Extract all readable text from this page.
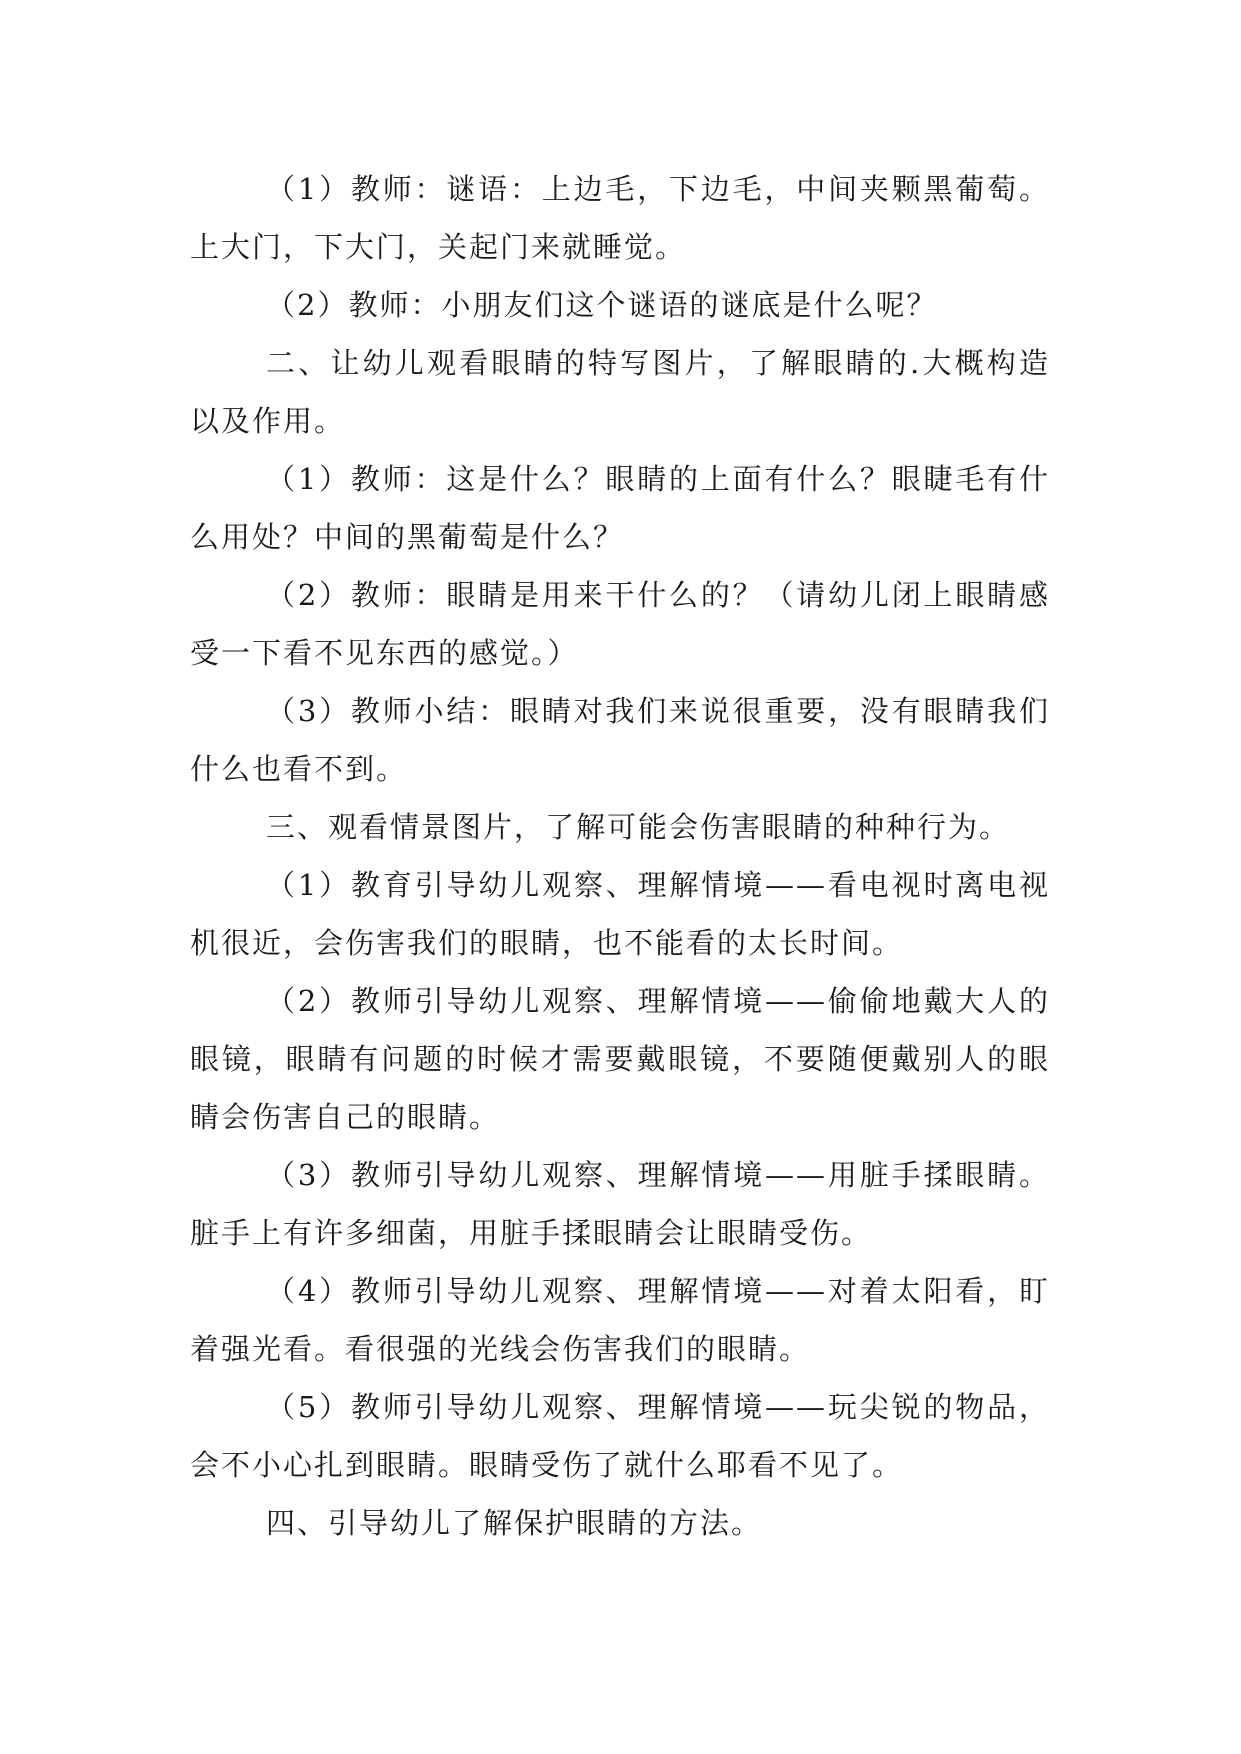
（1）教师：谜语：上边毛，下边毛，中间夹颗黑葡萄。上大门，下大门，关起门来就睡觉。

（2）教师：小朋友们这个谜语的谜底是什么呢？

二、让幼儿观看眼睛的特写图片，了解眼睛的.大概构造以及作用。

（1）教师：这是什么？眼睛的上面有什么？眼睫毛有什么用处？中间的黑葡萄是什么？

（2）教师：眼睛是用来干什么的？（请幼儿闭上眼睛感受一下看不见东西的感觉。）

（3）教师小结：眼睛对我们来说很重要，没有眼睛我们什么也看不到。

三、观看情景图片，了解可能会伤害眼睛的种种行为。

（1）教育引导幼儿观察、理解情境——看电视时离电视机很近，会伤害我们的眼睛，也不能看的太长时间。

（2）教师引导幼儿观察、理解情境——偷偷地戴大人的眼镜，眼睛有问题的时候才需要戴眼镜，不要随便戴别人的眼睛会伤害自己的眼睛。

（3）教师引导幼儿观察、理解情境——用脏手揉眼睛。脏手上有许多细菌，用脏手揉眼睛会让眼睛受伤。

（4）教师引导幼儿观察、理解情境——对着太阳看，盯着强光看。看很强的光线会伤害我们的眼睛。

（5）教师引导幼儿观察、理解情境——玩尖锐的物品，会不小心扎到眼睛。眼睛受伤了就什么耶看不见了。

四、引导幼儿了解保护眼睛的方法。
